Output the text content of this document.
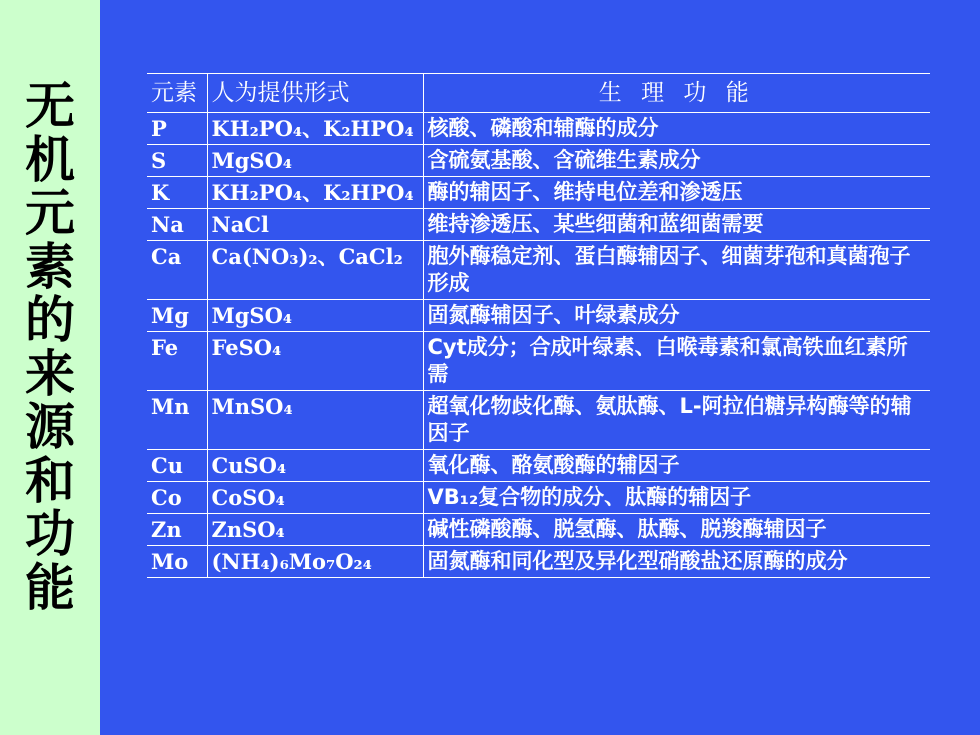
无机元素的来源和功能
元素	人为提供形式	生 理 功 能
P	KH₂PO₄、K₂HPO₄	核酸、磷酸和辅酶的成分
S	MgSO₄	含硫氨基酸、含硫维生素成分
K	KH₂PO₄、K₂HPO₄	酶的辅因子、维持电位差和渗透压
Na	NaCl	维持渗透压、某些细菌和蓝细菌需要
Ca	Ca(NO₃)₂、CaCl₂	胞外酶稳定剂、蛋白酶辅因子、细菌芽孢和真菌孢子形成
Mg	MgSO₄	固氮酶辅因子、叶绿素成分
Fe	FeSO₄	Cyt成分；合成叶绿素、白喉毒素和氯高铁血红素所需
Mn	MnSO₄	超氧化物歧化酶、氨肽酶、L-阿拉伯糖异构酶等的辅因子
Cu	CuSO₄	氧化酶、酪氨酸酶的辅因子
Co	CoSO₄	VB₁₂复合物的成分、肽酶的辅因子
Zn	ZnSO₄	碱性磷酸酶、脱氢酶、肽酶、脱羧酶辅因子
Mo	(NH₄)₆Mo₇O₂₄	固氮酶和同化型及异化型硝酸盐还原酶的成分
